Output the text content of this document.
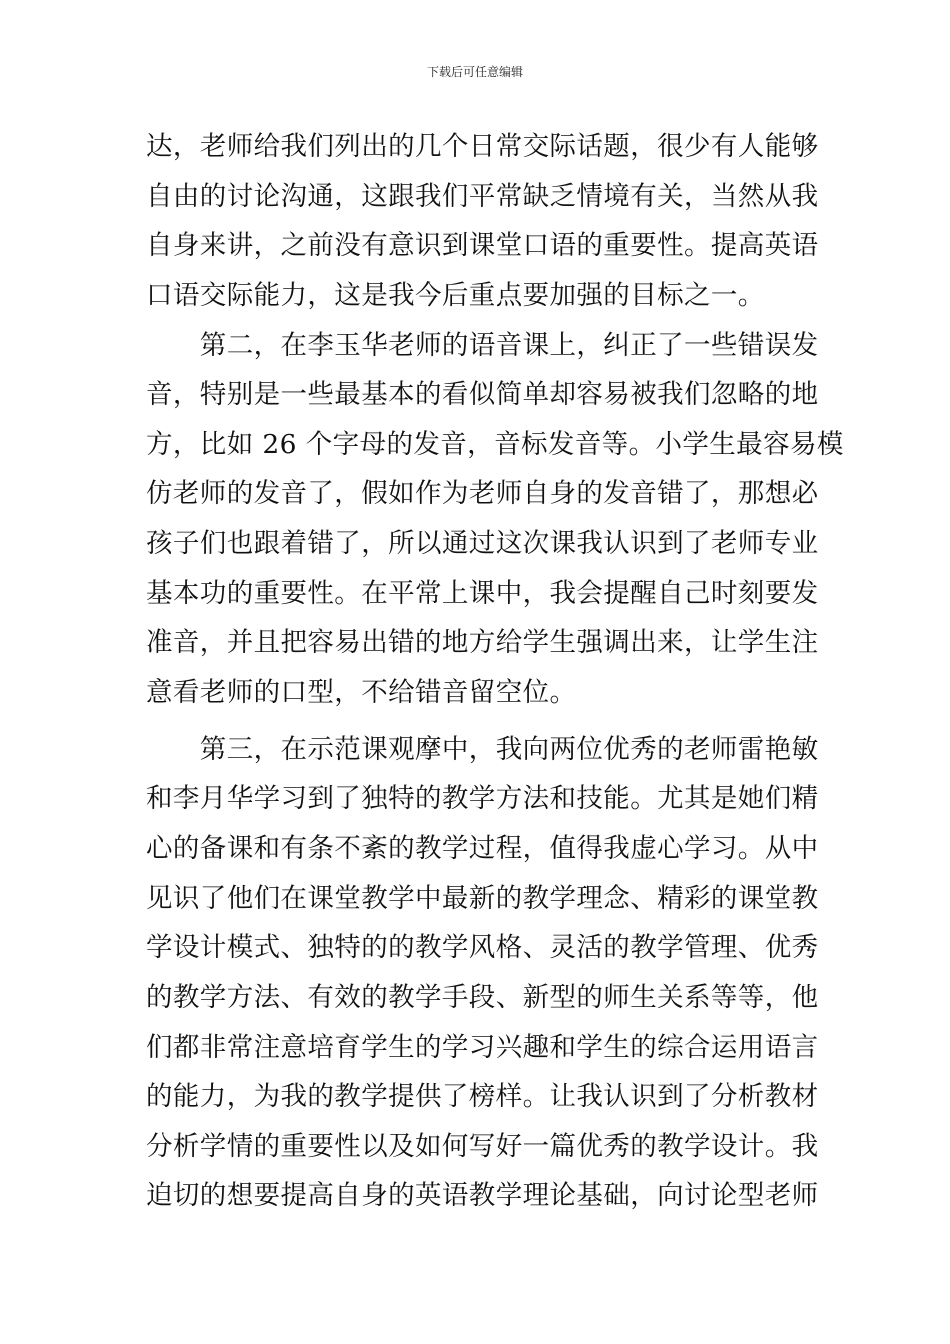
下载后可任意编辑
达，老师给我们列出的几个日常交际话题，很少有人能够
自由的讨论沟通，这跟我们平常缺乏情境有关，当然从我
自身来讲，之前没有意识到课堂口语的重要性。提高英语
口语交际能力，这是我今后重点要加强的目标之一。
　　第二，在李玉华老师的语音课上，纠正了一些错误发
音，特别是一些最基本的看似简单却容易被我们忽略的地
方，比如 26 个字母的发音，音标发音等。小学生最容易模
仿老师的发音了，假如作为老师自身的发音错了，那想必
孩子们也跟着错了，所以通过这次课我认识到了老师专业
基本功的重要性。在平常上课中，我会提醒自己时刻要发
准音，并且把容易出错的地方给学生强调出来，让学生注
意看老师的口型，不给错音留空位。
　　第三，在示范课观摩中，我向两位优秀的老师雷艳敏
和李月华学习到了独特的教学方法和技能。尤其是她们精
心的备课和有条不紊的教学过程，值得我虚心学习。从中
见识了他们在课堂教学中最新的教学理念、精彩的课堂教
学设计模式、独特的的教学风格、灵活的教学管理、优秀
的教学方法、有效的教学手段、新型的师生关系等等，他
们都非常注意培育学生的学习兴趣和学生的综合运用语言
的能力，为我的教学提供了榜样。让我认识到了分析教材
分析学情的重要性以及如何写好一篇优秀的教学设计。我
迫切的想要提高自身的英语教学理论基础，向讨论型老师
